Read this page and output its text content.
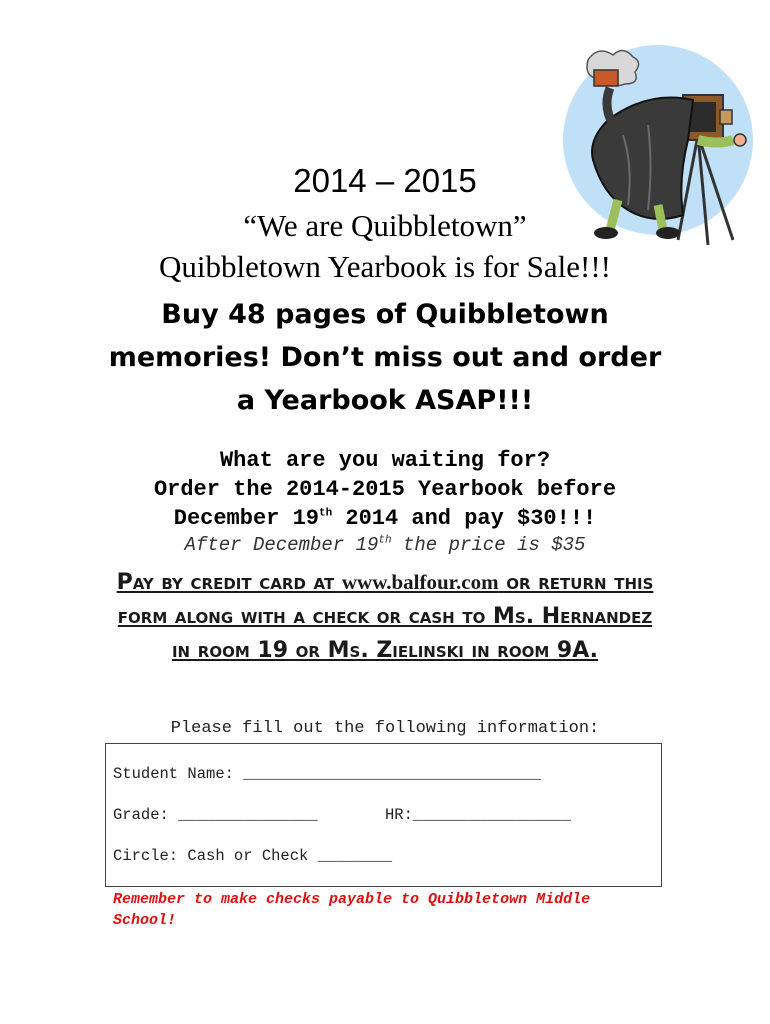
2014 – 2015
“We are Quibbletown”
Quibbletown Yearbook is for Sale!!!
Buy 48 pages of Quibbletown
memories! Don’t miss out and order
a Yearbook ASAP!!!
What are you waiting for?
Order the 2014-2015 Yearbook before
December 19th 2014 and pay $30!!!
After December 19th the price is $35
Pay by credit card at www.balfour.com or return this form along with a check or cash to Ms. Hernandez in room 19 or Ms. Zielinski in room 9A.
Please fill out the following information:
Student Name: ________________________________
Grade: _______________	HR:_________________
Circle: Cash or Check ________
Remember to make checks payable to Quibbletown Middle School!
